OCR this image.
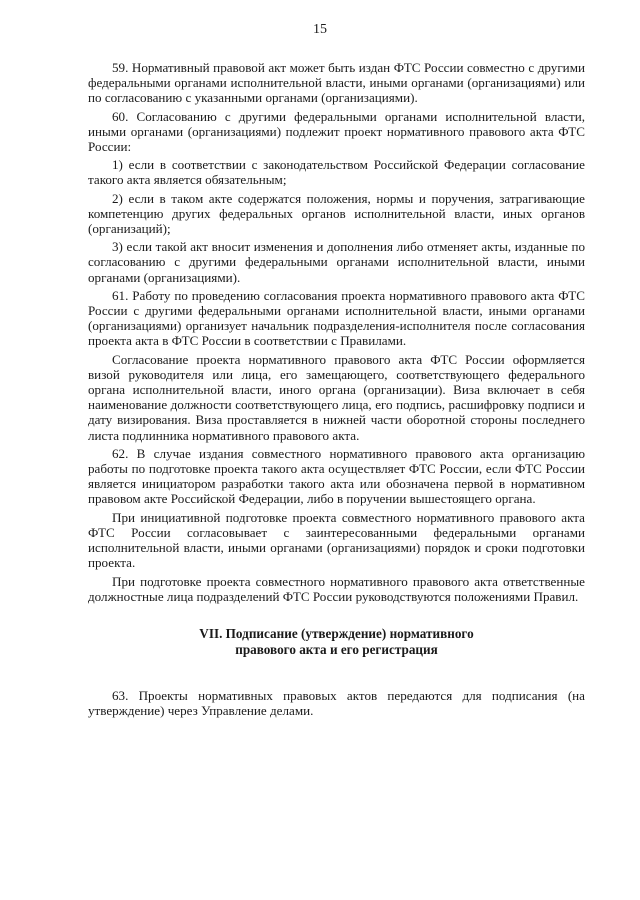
15

59. Нормативный правовой акт может быть издан ФТС России совместно с другими федеральными органами исполнительной власти, иными органами (организациями) или по согласованию с указанными органами (организациями).

60. Согласованию с другими федеральными органами исполнительной власти, иными органами (организациями) подлежит проект нормативного правового акта ФТС России:

1) если в соответствии с законодательством Российской Федерации согласование такого акта является обязательным;

2) если в таком акте содержатся положения, нормы и поручения, затрагивающие компетенцию других федеральных органов исполнительной власти, иных органов (организаций);

3) если такой акт вносит изменения и дополнения либо отменяет акты, изданные по согласованию с другими федеральными органами исполнительной власти, иными органами (организациями).

61. Работу по проведению согласования проекта нормативного правового акта ФТС России с другими федеральными органами исполнительной власти, иными органами (организациями) организует начальник подразделения-исполнителя после согласования проекта акта в ФТС России в соответствии с Правилами.

Согласование проекта нормативного правового акта ФТС России оформляется визой руководителя или лица, его замещающего, соответствующего федерального органа исполнительной власти, иного органа (организации). Виза включает в себя наименование должности соответствующего лица, его подпись, расшифровку подписи и дату визирования. Виза проставляется в нижней части оборотной стороны последнего листа подлинника нормативного правового акта.

62. В случае издания совместного нормативного правового акта организацию работы по подготовке проекта такого акта осуществляет ФТС России, если ФТС России является инициатором разработки такого акта или обозначена первой в нормативном правовом акте Российской Федерации, либо в поручении вышестоящего органа.

При инициативной подготовке проекта совместного нормативного правового акта ФТС России согласовывает с заинтересованными федеральными органами исполнительной власти, иными органами (организациями) порядок и сроки подготовки проекта.

При подготовке проекта совместного нормативного правового акта ответственные должностные лица подразделений ФТС России руководствуются положениями Правил.

VII. Подписание (утверждение) нормативного
правового акта и его регистрация

63. Проекты нормативных правовых актов передаются для подписания (на утверждение) через Управление делами.
